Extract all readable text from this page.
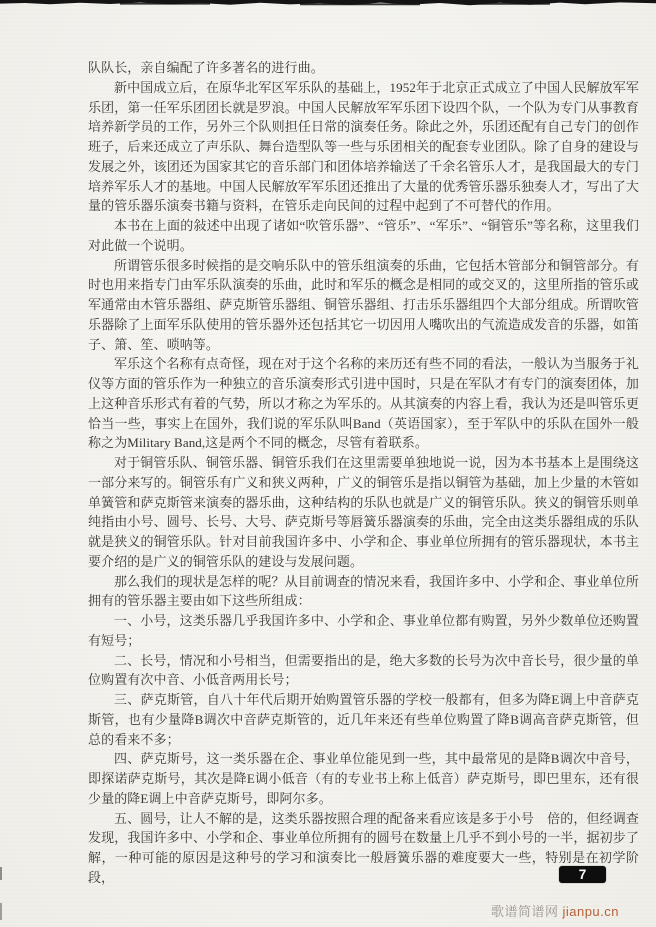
队队长，亲自编配了许多著名的进行曲。

新中国成立后，在原华北军区军乐队的基础上，1952年于北京正式成立了中国人民解放军军乐团，第一任军乐团团长就是罗浪。中国人民解放军军乐团下设四个队，一个队为专门从事教育培养新学员的工作，另外三个队则担任日常的演奏任务。除此之外，乐团还配有自己专门的创作班子，后来还成立了声乐队、舞台造型队等一些与乐团相关的配套专业团队。除了自身的建设与发展之外，该团还为国家其它的音乐部门和团体培养输送了千余名管乐人才，是我国最大的专门培养军乐人才的基地。中国人民解放军军乐团还推出了大量的优秀管乐器乐独奏人才，写出了大量的管乐器乐演奏书籍与资料，在管乐走向民间的过程中起到了不可替代的作用。

本书在上面的敍述中出现了诸如“吹管乐器”、“管乐”、“军乐”、“铜管乐”等名称，这里我们对此做一个说明。

所谓管乐很多时候指的是交响乐队中的管乐组演奏的乐曲，它包括木管部分和铜管部分。有时也用来指专门由军乐队演奏的乐曲，此时和军乐的概念是相同的或交叉的，这里所指的管乐或军通常由木管乐器组、萨克斯管乐器组、铜管乐器组、打击乐乐器组四个大部分组成。所谓吹管乐器除了上面军乐队使用的管乐器外还包括其它一切因用人嘴吹出的气流造成发音的乐器，如笛子、箫、笙、唢呐等。

军乐这个名称有点奇怪，现在对于这个名称的来历还有些不同的看法，一般认为当服务于礼仪等方面的管乐作为一种独立的音乐演奏形式引进中国时，只是在军队才有专门的演奏团体，加上这种音乐形式有着的气势，所以才称之为军乐的。从其演奏的内容上看，我认为还是叫管乐更恰当一些，事实上在国外，我们说的军乐队叫Band（英语国家），至于军队中的乐队在国外一般称之为Military Band,这是两个不同的概念，尽管有着联系。

对于铜管乐队、铜管乐器、铜管乐我们在这里需要单独地说一说，因为本书基本上是围绕这一部分来写的。铜管乐有广义和狭义两种，广义的铜管乐是指以铜管为基础，加上少量的木管如单簧管和萨克斯管来演奏的器乐曲，这种结构的乐队也就是广义的铜管乐队。狭义的铜管乐则单纯指由小号、圆号、长号、大号、萨克斯号等唇簧乐器演奏的乐曲，完全由这类乐器组成的乐队就是狭义的铜管乐队。针对目前我国许多中、小学和企、事业单位所拥有的管乐器现状，本书主要介绍的是广义的铜管乐队的建设与发展问题。

那么我们的现状是怎样的呢？从目前调查的情况来看，我国许多中、小学和企、事业单位所拥有的管乐器主要由如下这些所组成：

一、小号，这类乐器几乎我国许多中、小学和企、事业单位都有购置，另外少数单位还购置有短号；

二、长号，情况和小号相当，但需要指出的是，绝大多数的长号为次中音长号，很少量的单位购置有次中音、小低音两用长号；

三、萨克斯管，自八十年代后期开始购置管乐器的学校一般都有，但多为降E调上中音萨克斯管，也有少量降B调次中音萨克斯管的，近几年来还有些单位购置了降B调高音萨克斯管，但总的看来不多；

四、萨克斯号，这一类乐器在企、事业单位能见到一些，其中最常见的是降B调次中音号，即探诺萨克斯号，其次是降E调小低音（有的专业书上称上低音）萨克斯号，即巴里东，还有很少量的降E调上中音萨克斯号，即阿尔多。

五、圆号，让人不解的是，这类乐器按照合理的配备来看应该是多于小号　倍的，但经调查发现，我国许多中、小学和企、事业单位所拥有的圆号在数量上几乎不到小号的一半，据初步了解，一种可能的原因是这种号的学习和演奏比一般唇簧乐器的难度要大一些，特别是在初学阶段，	7
歌谱简谱网 jianpu.cn
